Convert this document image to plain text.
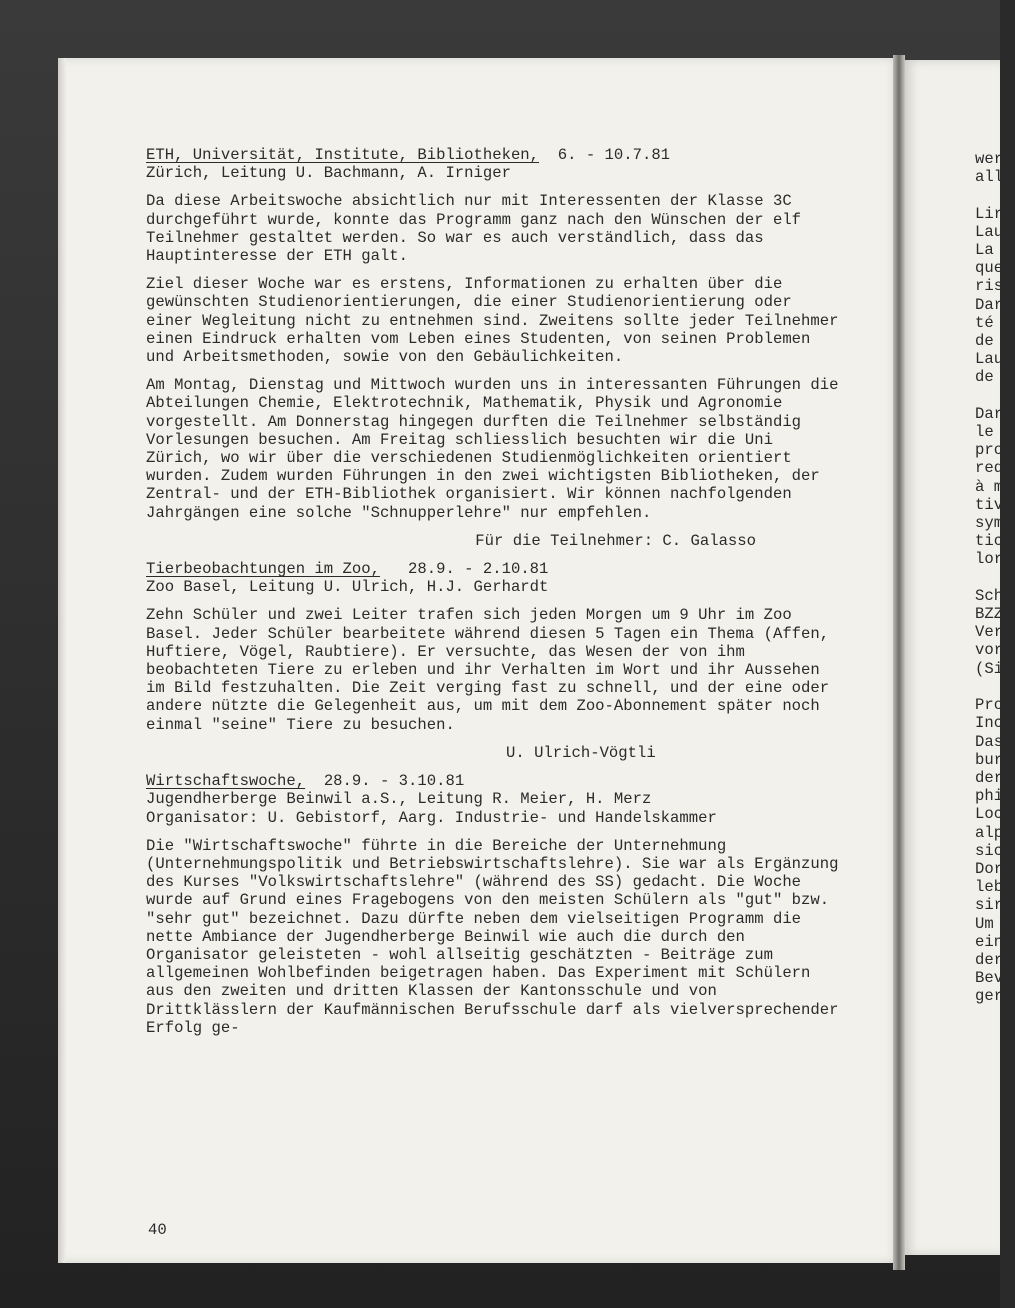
wer
all

Lir
Lau
La
que
ris
Dar
té
de
Lau
de

Dar
le
pro
red
à m
tiv
sym
tic
lor

Sch
BZZ
Ver
vor
(Si

Pro
Inc
Das
bur
der
phi
Loc
alp
sic
Dor
leb
sir
Um
ein
der
Bev
ger
ETH, Universität, Institute, Bibliotheken, 6. - 10.7.81

Zürich, Leitung U. Bachmann, A. Irniger

Da diese Arbeitswoche absichtlich nur mit Interessenten der Klasse 3C durchgeführt wurde, konnte das Programm ganz nach den Wünschen der elf Teilnehmer gestaltet werden. So war es auch verständlich, dass das Hauptinteresse der ETH galt.

Ziel dieser Woche war es erstens, Informationen zu erhalten über die gewünschten Studienorientierungen, die einer Studienorientierung oder einer Wegleitung nicht zu entnehmen sind. Zweitens sollte jeder Teilnehmer einen Eindruck erhalten vom Leben eines Studenten, von seinen Problemen und Arbeitsmethoden, sowie von den Gebäulichkeiten.

Am Montag, Dienstag und Mittwoch wurden uns in interessanten Führungen die Abteilungen Chemie, Elektrotechnik, Mathematik, Physik und Agronomie vorgestellt. Am Donnerstag hingegen durften die Teilnehmer selbständig Vorlesungen besuchen. Am Freitag schliesslich besuchten wir die Uni Zürich, wo wir über die verschiedenen Studienmöglichkeiten orientiert wurden. Zudem wurden Führungen in den zwei wichtigsten Bibliotheken, der Zentral- und der ETH-Bibliothek organisiert. Wir können nachfolgenden Jahrgängen eine solche "Schnupperlehre" nur empfehlen.

Für die Teilnehmer: C. Galasso

Tierbeobachtungen im Zoo, 28.9. - 2.10.81

Zoo Basel, Leitung U. Ulrich, H.J. Gerhardt

Zehn Schüler und zwei Leiter trafen sich jeden Morgen um 9 Uhr im Zoo Basel. Jeder Schüler bearbeitete während diesen 5 Tagen ein Thema (Affen, Huftiere, Vögel, Raubtiere). Er versuchte, das Wesen der von ihm beobachteten Tiere zu erleben und ihr Verhalten im Wort und ihr Aussehen im Bild festzuhalten. Die Zeit verging fast zu schnell, und der eine oder andere nützte die Gelegenheit aus, um mit dem Zoo-Abonnement später noch einmal "seine" Tiere zu besuchen.

U. Ulrich-Vögtli

Wirtschaftswoche, 28.9. - 3.10.81

Jugendherberge Beinwil a.S., Leitung R. Meier, H. Merz

Organisator: U. Gebistorf, Aarg. Industrie- und Handelskammer

Die "Wirtschaftswoche" führte in die Bereiche der Unternehmung (Unternehmungspolitik und Betriebswirtschaftslehre). Sie war als Ergänzung des Kurses "Volkswirtschaftslehre" (während des SS) gedacht. Die Woche wurde auf Grund eines Fragebogens von den meisten Schülern als "gut" bzw. "sehr gut" bezeichnet. Dazu dürfte neben dem vielseitigen Programm die nette Ambiance der Jugendherberge Beinwil wie auch die durch den Organisator geleisteten - wohl allseitig geschätzten - Beiträge zum allgemeinen Wohlbefinden beigetragen haben. Das Experiment mit Schülern aus den zweiten und dritten Klassen der Kantonsschule und von Drittklässlern der Kaufmännischen Berufsschule darf als vielversprechender Erfolg ge-

40
